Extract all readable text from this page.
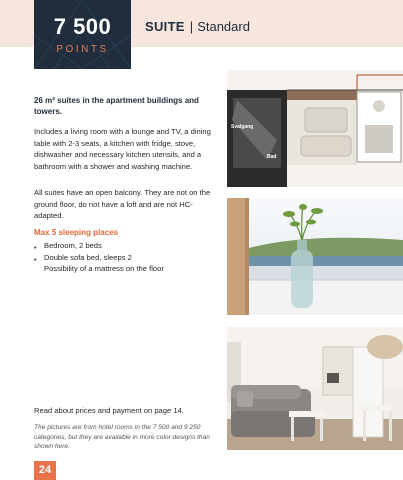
7 500
POINTS
SUITE | Standard
26 m² suites in the apartment buildings and towers.

Includes a living room with a lounge and TV, a dining table with 2-3 seats, a kitchen with fridge, stove, dishwasher and necessary kitchen utensils, and a bathroom with a shower and washing machine.

All suites have an open balcony. They are not on the ground floor, do not have a loft and are not HC-adapted.

Max 5 sleeping places
• Bedroom, 2 beds
• Double sofa bed, sleeps 2
Possibility of a mattress on the floor
Read about prices and payment on page 14.
The pictures are from hotel rooms in the 7 500 and 9 250 categories, but they are available in more color designs than shown here.
24
Svalgang
Bad
